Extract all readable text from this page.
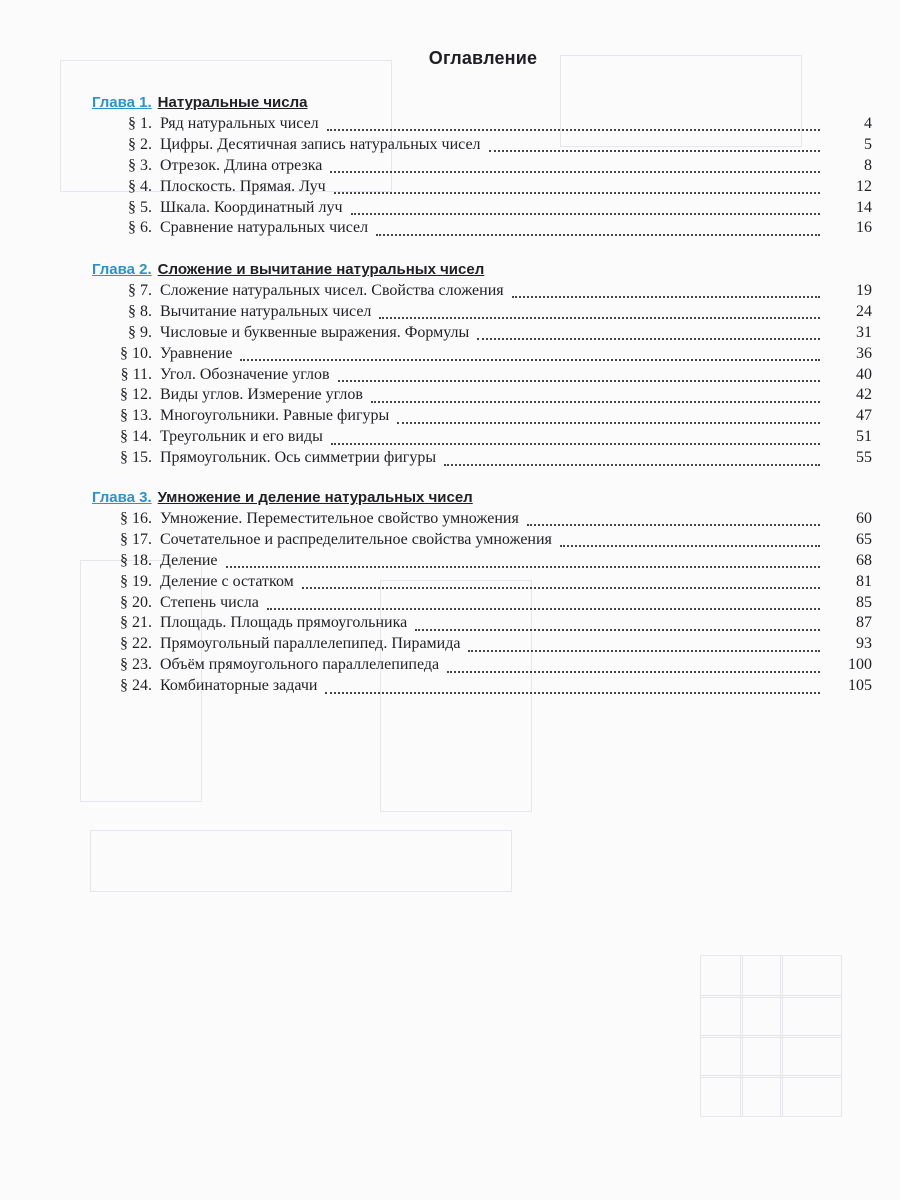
Оглавление
Глава 1. Натуральные числа
§ 1. Ряд натуральных чисел	4
§ 2. Цифры. Десятичная запись натуральных чисел	5
§ 3. Отрезок. Длина отрезка	8
§ 4. Плоскость. Прямая. Луч	12
§ 5. Шкала. Координатный луч	14
§ 6. Сравнение натуральных чисел	16
Глава 2. Сложение и вычитание натуральных чисел
§ 7. Сложение натуральных чисел. Свойства сложения	19
§ 8. Вычитание натуральных чисел	24
§ 9. Числовые и буквенные выражения. Формулы	31
§ 10. Уравнение	36
§ 11. Угол. Обозначение углов	40
§ 12. Виды углов. Измерение углов	42
§ 13. Многоугольники. Равные фигуры	47
§ 14. Треугольник и его виды	51
§ 15. Прямоугольник. Ось симметрии фигуры	55
Глава 3. Умножение и деление натуральных чисел
§ 16. Умножение. Переместительное свойство умножения	60
§ 17. Сочетательное и распределительное свойства умножения	65
§ 18. Деление	68
§ 19. Деление с остатком	81
§ 20. Степень числа	85
§ 21. Площадь. Площадь прямоугольника	87
§ 22. Прямоугольный параллелепипед. Пирамида	93
§ 23. Объём прямоугольного параллелепипеда	100
§ 24. Комбинаторные задачи	105
